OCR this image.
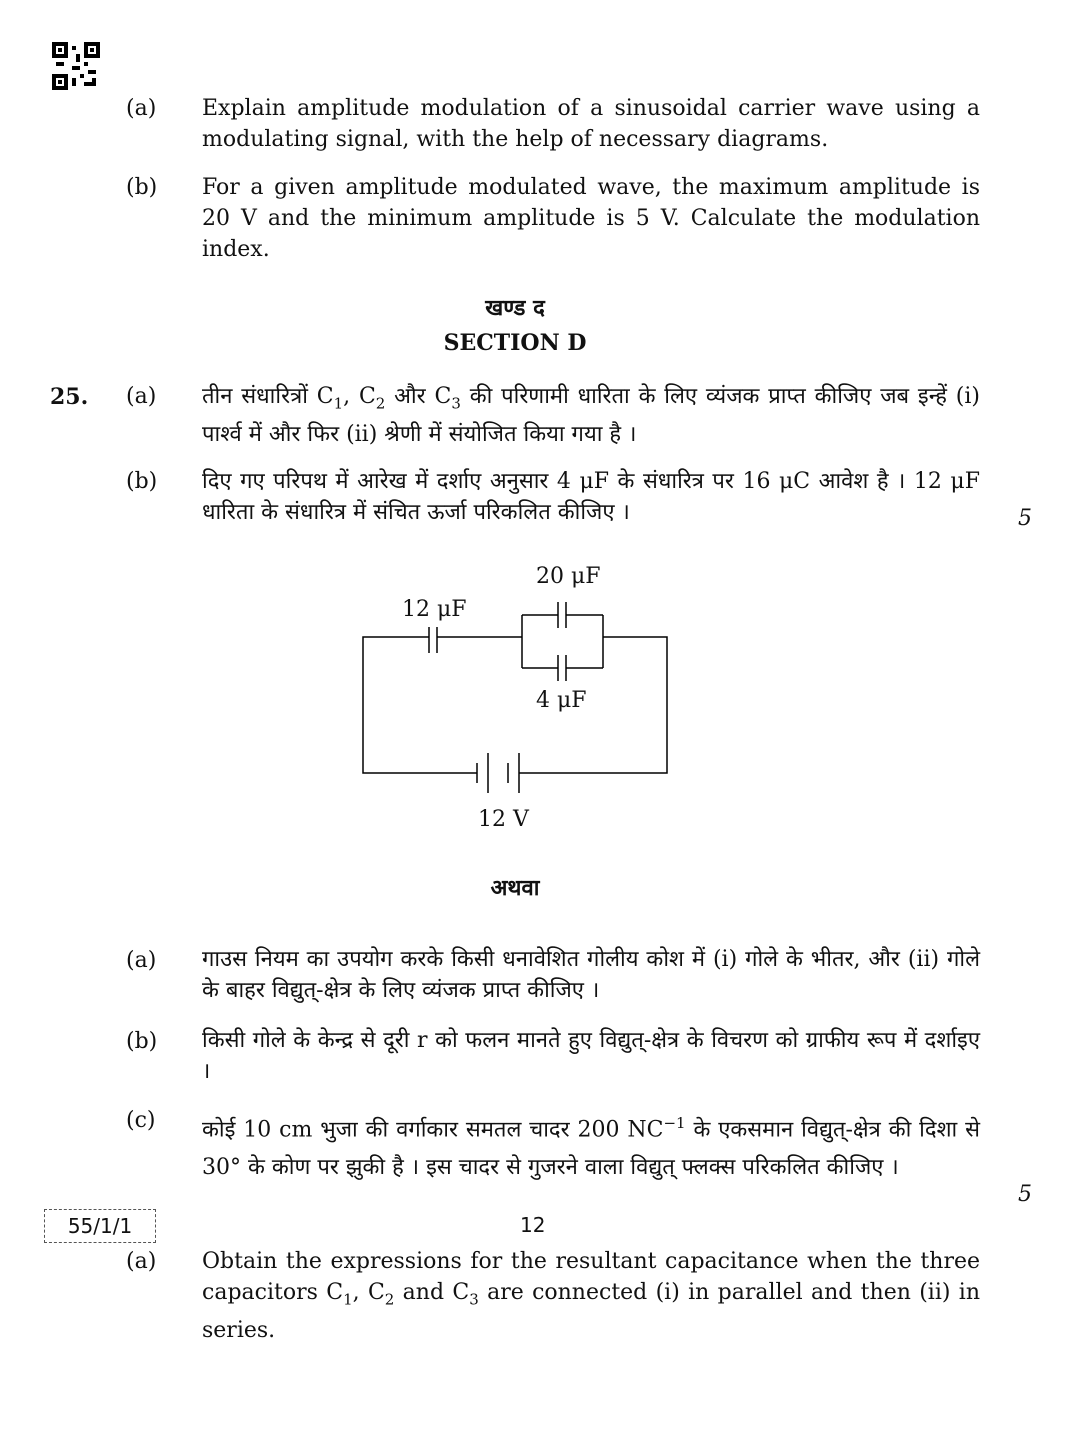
(a) Explain amplitude modulation of a sinusoidal carrier wave using a modulating signal, with the help of necessary diagrams.
(b) For a given amplitude modulated wave, the maximum amplitude is 20 V and the minimum amplitude is 5 V. Calculate the modulation index.
खण्ड द
SECTION D
25. (a) तीन संधारित्रों $C_1$, $C_2$ और $C_3$ की परिणामी धारिता के लिए व्यंजक प्राप्त कीजिए जब इन्हें (i) पार्श्व में और फिर (ii) श्रेणी में संयोजित किया गया है ।
(b) दिए गए परिपथ में आरेख में दर्शाए अनुसार 4 μF के संधारित्र पर 16 μC आवेश है । 12 μF धारिता के संधारित्र में संचित ऊर्जा परिकलित कीजिए ।	5
12 μF
20 μF
4 μF
12 V
अथवा
(a) गाउस नियम का उपयोग करके किसी धनावेशित गोलीय कोश में (i) गोले के भीतर, और (ii) गोले के बाहर विद्युत्-क्षेत्र के लिए व्यंजक प्राप्त कीजिए ।
(b) किसी गोले के केन्द्र से दूरी r को फलन मानते हुए विद्युत्-क्षेत्र के विचरण को ग्राफीय रूप में दर्शाइए ।
(c) कोई 10 cm भुजा की वर्गाकार समतल चादर 200 $NC^{-1}$ के एकसमान विद्युत्-क्षेत्र की दिशा से 30° के कोण पर झुकी है । इस चादर से गुजरने वाला विद्युत् फ्लक्स परिकलित कीजिए ।
5
(a) Obtain the expressions for the resultant capacitance when the three capacitors $C_1$, $C_2$ and $C_3$ are connected (i) in parallel and then (ii) in series.
55/1/1	12
